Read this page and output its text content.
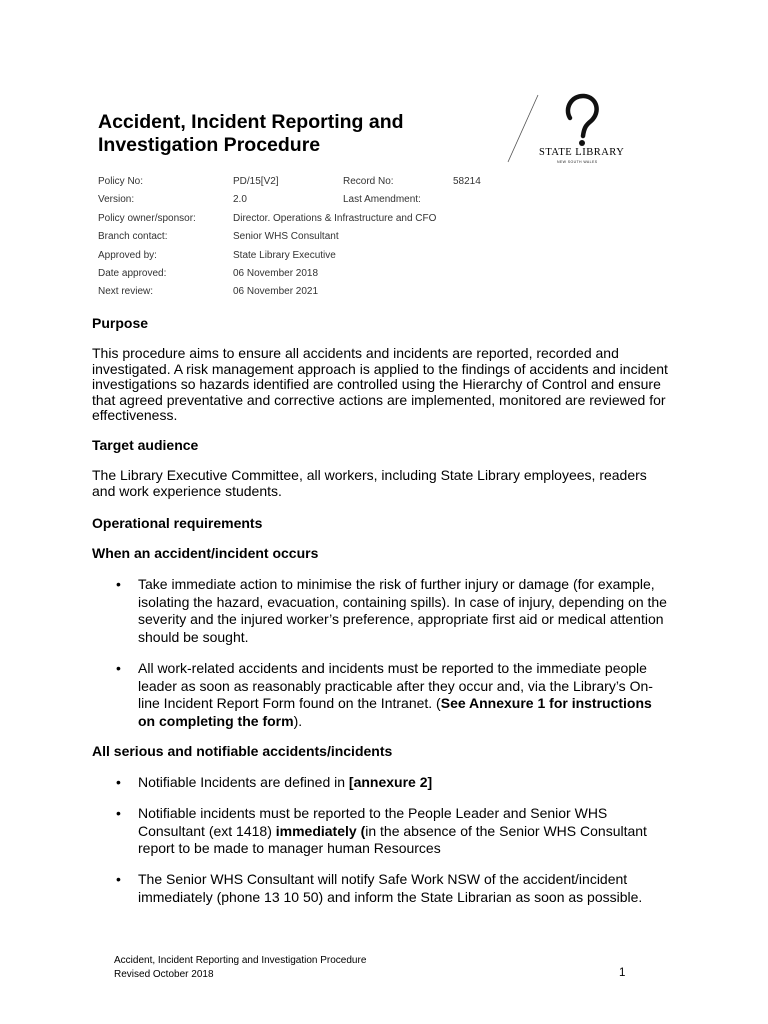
Accident, Incident Reporting and
Investigation Procedure	STATE LIBRARY
NEW SOUTH WALES
Policy No:	PD/15[V2]	Record No:	58214
Version:	2.0	Last Amendment:
Policy owner/sponsor:	Director. Operations & Infrastructure and CFO
Branch contact:	Senior WHS Consultant
Approved by:	State Library Executive
Date approved:	06 November 2018
Next review:	06 November 2021
Purpose
This procedure aims to ensure all accidents and incidents are reported, recorded and investigated. A risk management approach is applied to the findings of accidents and incident investigations so hazards identified are controlled using the Hierarchy of Control and ensure that agreed preventative and corrective actions are implemented, monitored are reviewed for effectiveness.
Target audience
The Library Executive Committee, all workers, including State Library employees, readers and work experience students.
Operational requirements
When an accident/incident occurs
• Take immediate action to minimise the risk of further injury or damage (for example, isolating the hazard, evacuation, containing spills). In case of injury, depending on the severity and the injured worker’s preference, appropriate first aid or medical attention should be sought.
• All work-related accidents and incidents must be reported to the immediate people leader as soon as reasonably practicable after they occur and, via the Library’s On-line Incident Report Form found on the Intranet. (See Annexure 1 for instructions on completing the form).
All serious and notifiable accidents/incidents
• Notifiable Incidents are defined in [annexure 2]
• Notifiable incidents must be reported to the People Leader and Senior WHS Consultant (ext 1418) immediately (in the absence of the Senior WHS Consultant report to be made to manager human Resources
• The Senior WHS Consultant will notify Safe Work NSW of the accident/incident immediately (phone 13 10 50) and inform the State Librarian as soon as possible.
Accident, Incident Reporting and Investigation Procedure
Revised October 2018	1
